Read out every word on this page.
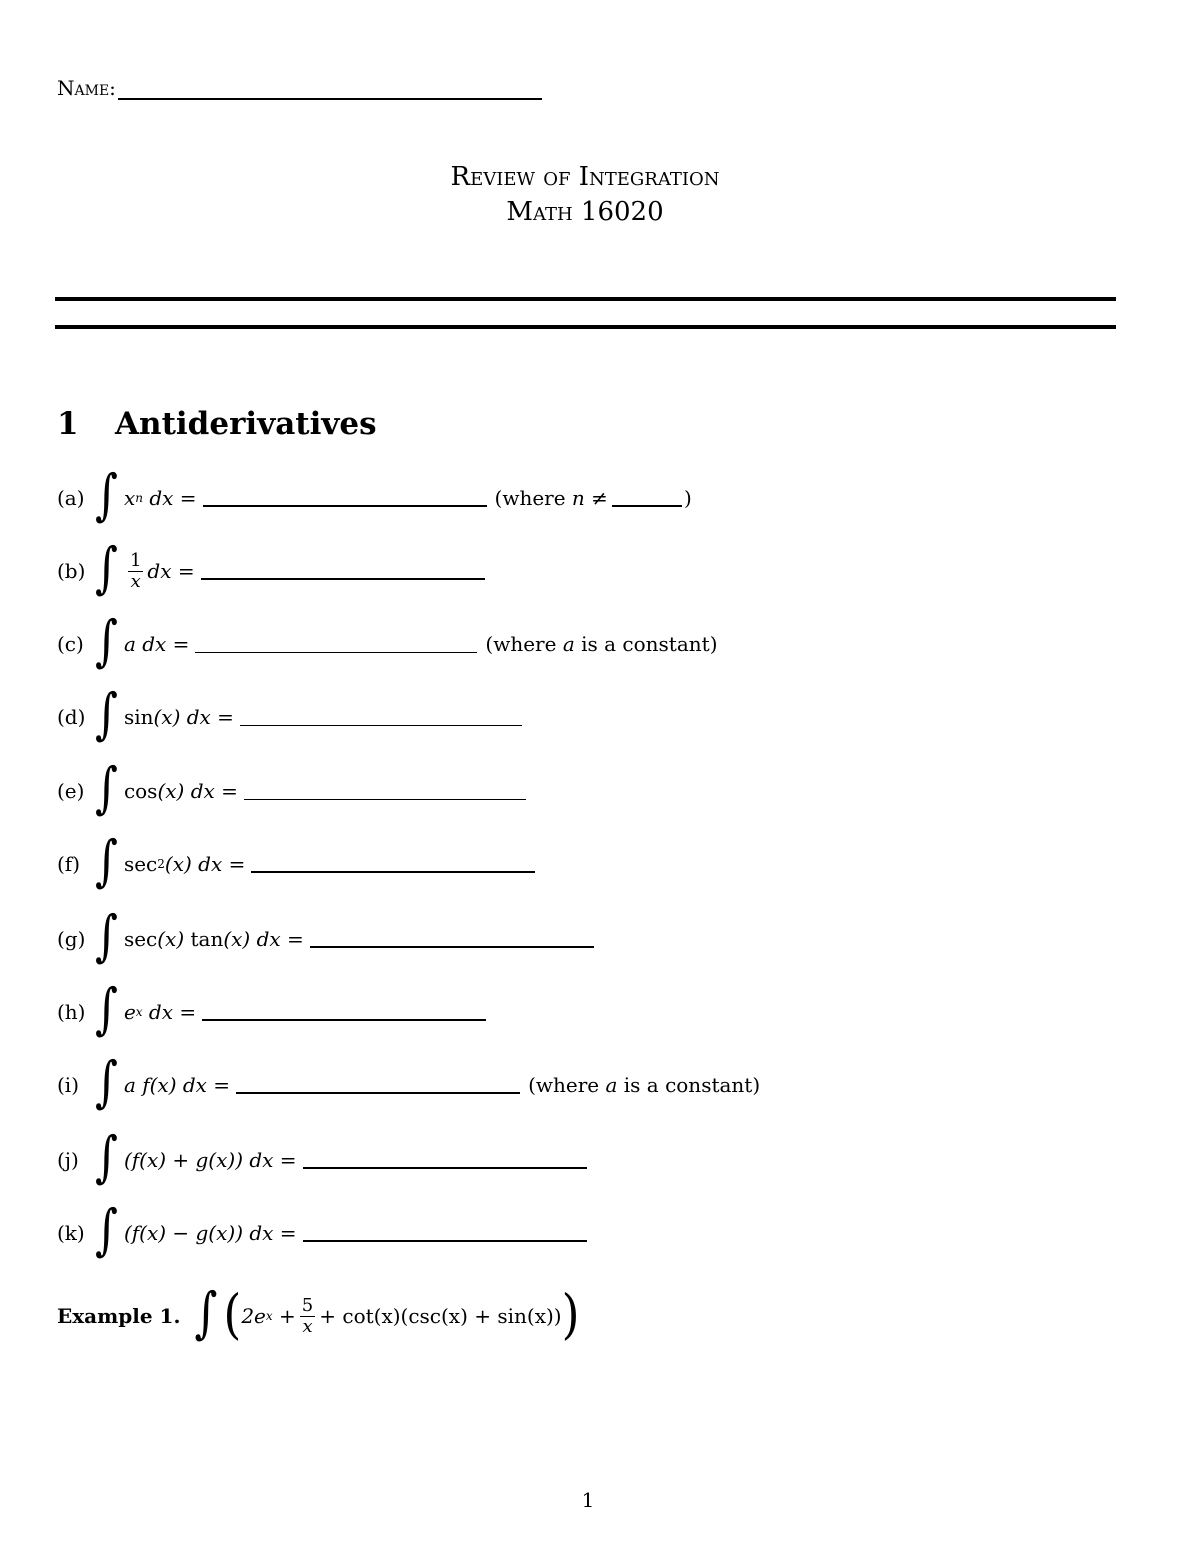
Name:
Review of Integration
Math 16020
1 Antiderivatives
(a) ∫ x n
dx =	(where
n
≠	)
(b) ∫ $\frac{1}{x}$ dx =
(c) ∫ a dx =	(where
a
is a constant)
(d) ∫ sin (x)
dx =
(e) ∫ cos (x)
dx =
(f) ∫ sec 2 (x)
dx =
(g) ∫ sec (x)
tan (x)
dx =
(h) ∫ e x
dx =
(i) ∫ a f(x) dx =	(where
a
is a constant)
(j) ∫ (f(x) + g(x)) dx =
(k) ∫ (f(x) − g(x)) dx =
Example 1. ∫ ( 2e x
+ $\frac{5}{x} + \cot(x)(\csc(x) + \sin(x))$ )
1
